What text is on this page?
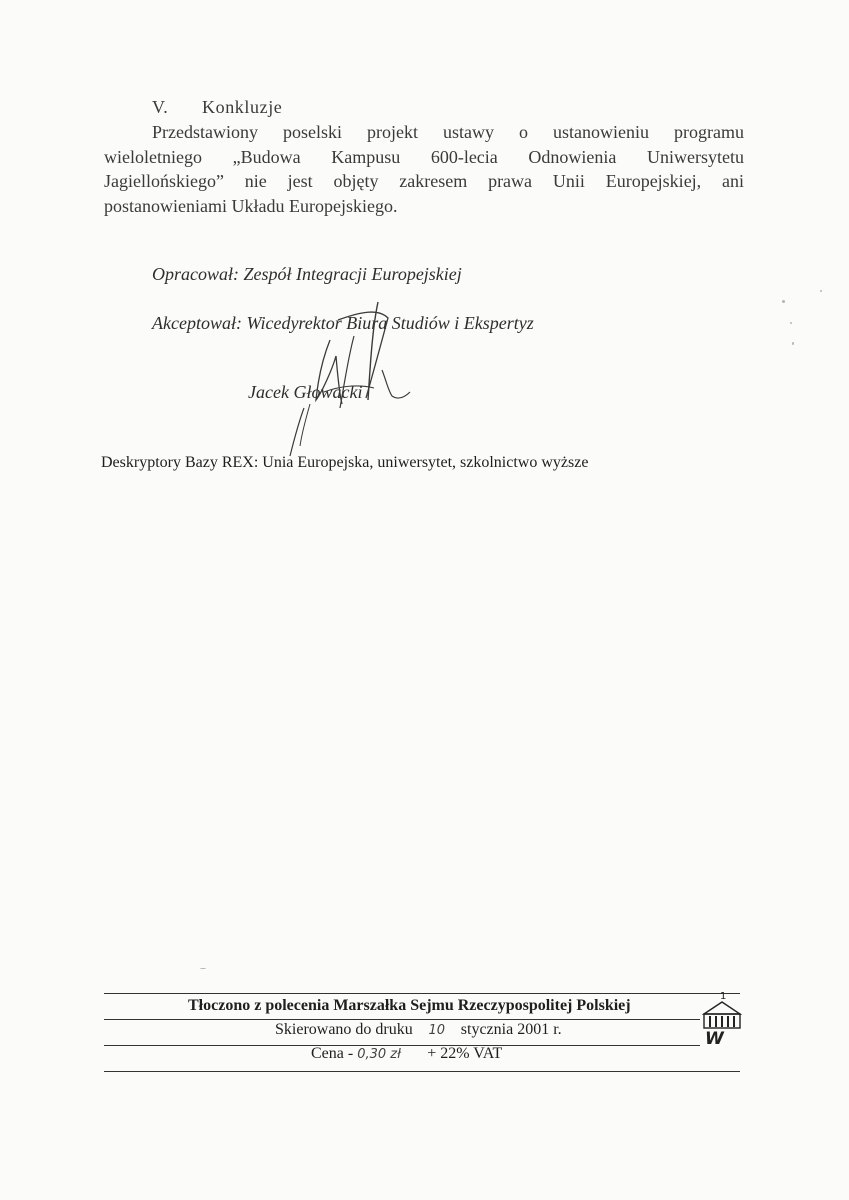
V. Konkluzje
Przedstawiony poselski projekt ustawy o ustanowieniu programu
wieloletniego „Budowa Kampusu 600-lecia Odnowienia Uniwersytetu
Jagiellońskiego” nie jest objęty zakresem prawa Unii Europejskiej, ani
postanowieniami Układu Europejskiego.
Opracował: Zespół Integracji Europejskiej
Akceptował: Wicedyrektor Biura Studiów i Ekspertyz
Jacek Głowacki
Deskryptory Bazy REX: Unia Europejska, uniwersytet, szkolnictwo wyższe
Tłoczono z polecenia Marszałka Sejmu Rzeczypospolitej Polskiej
Skierowano do druku 10 stycznia 2001 r.
Cena - 0,30 zł + 22% VAT
1
W
